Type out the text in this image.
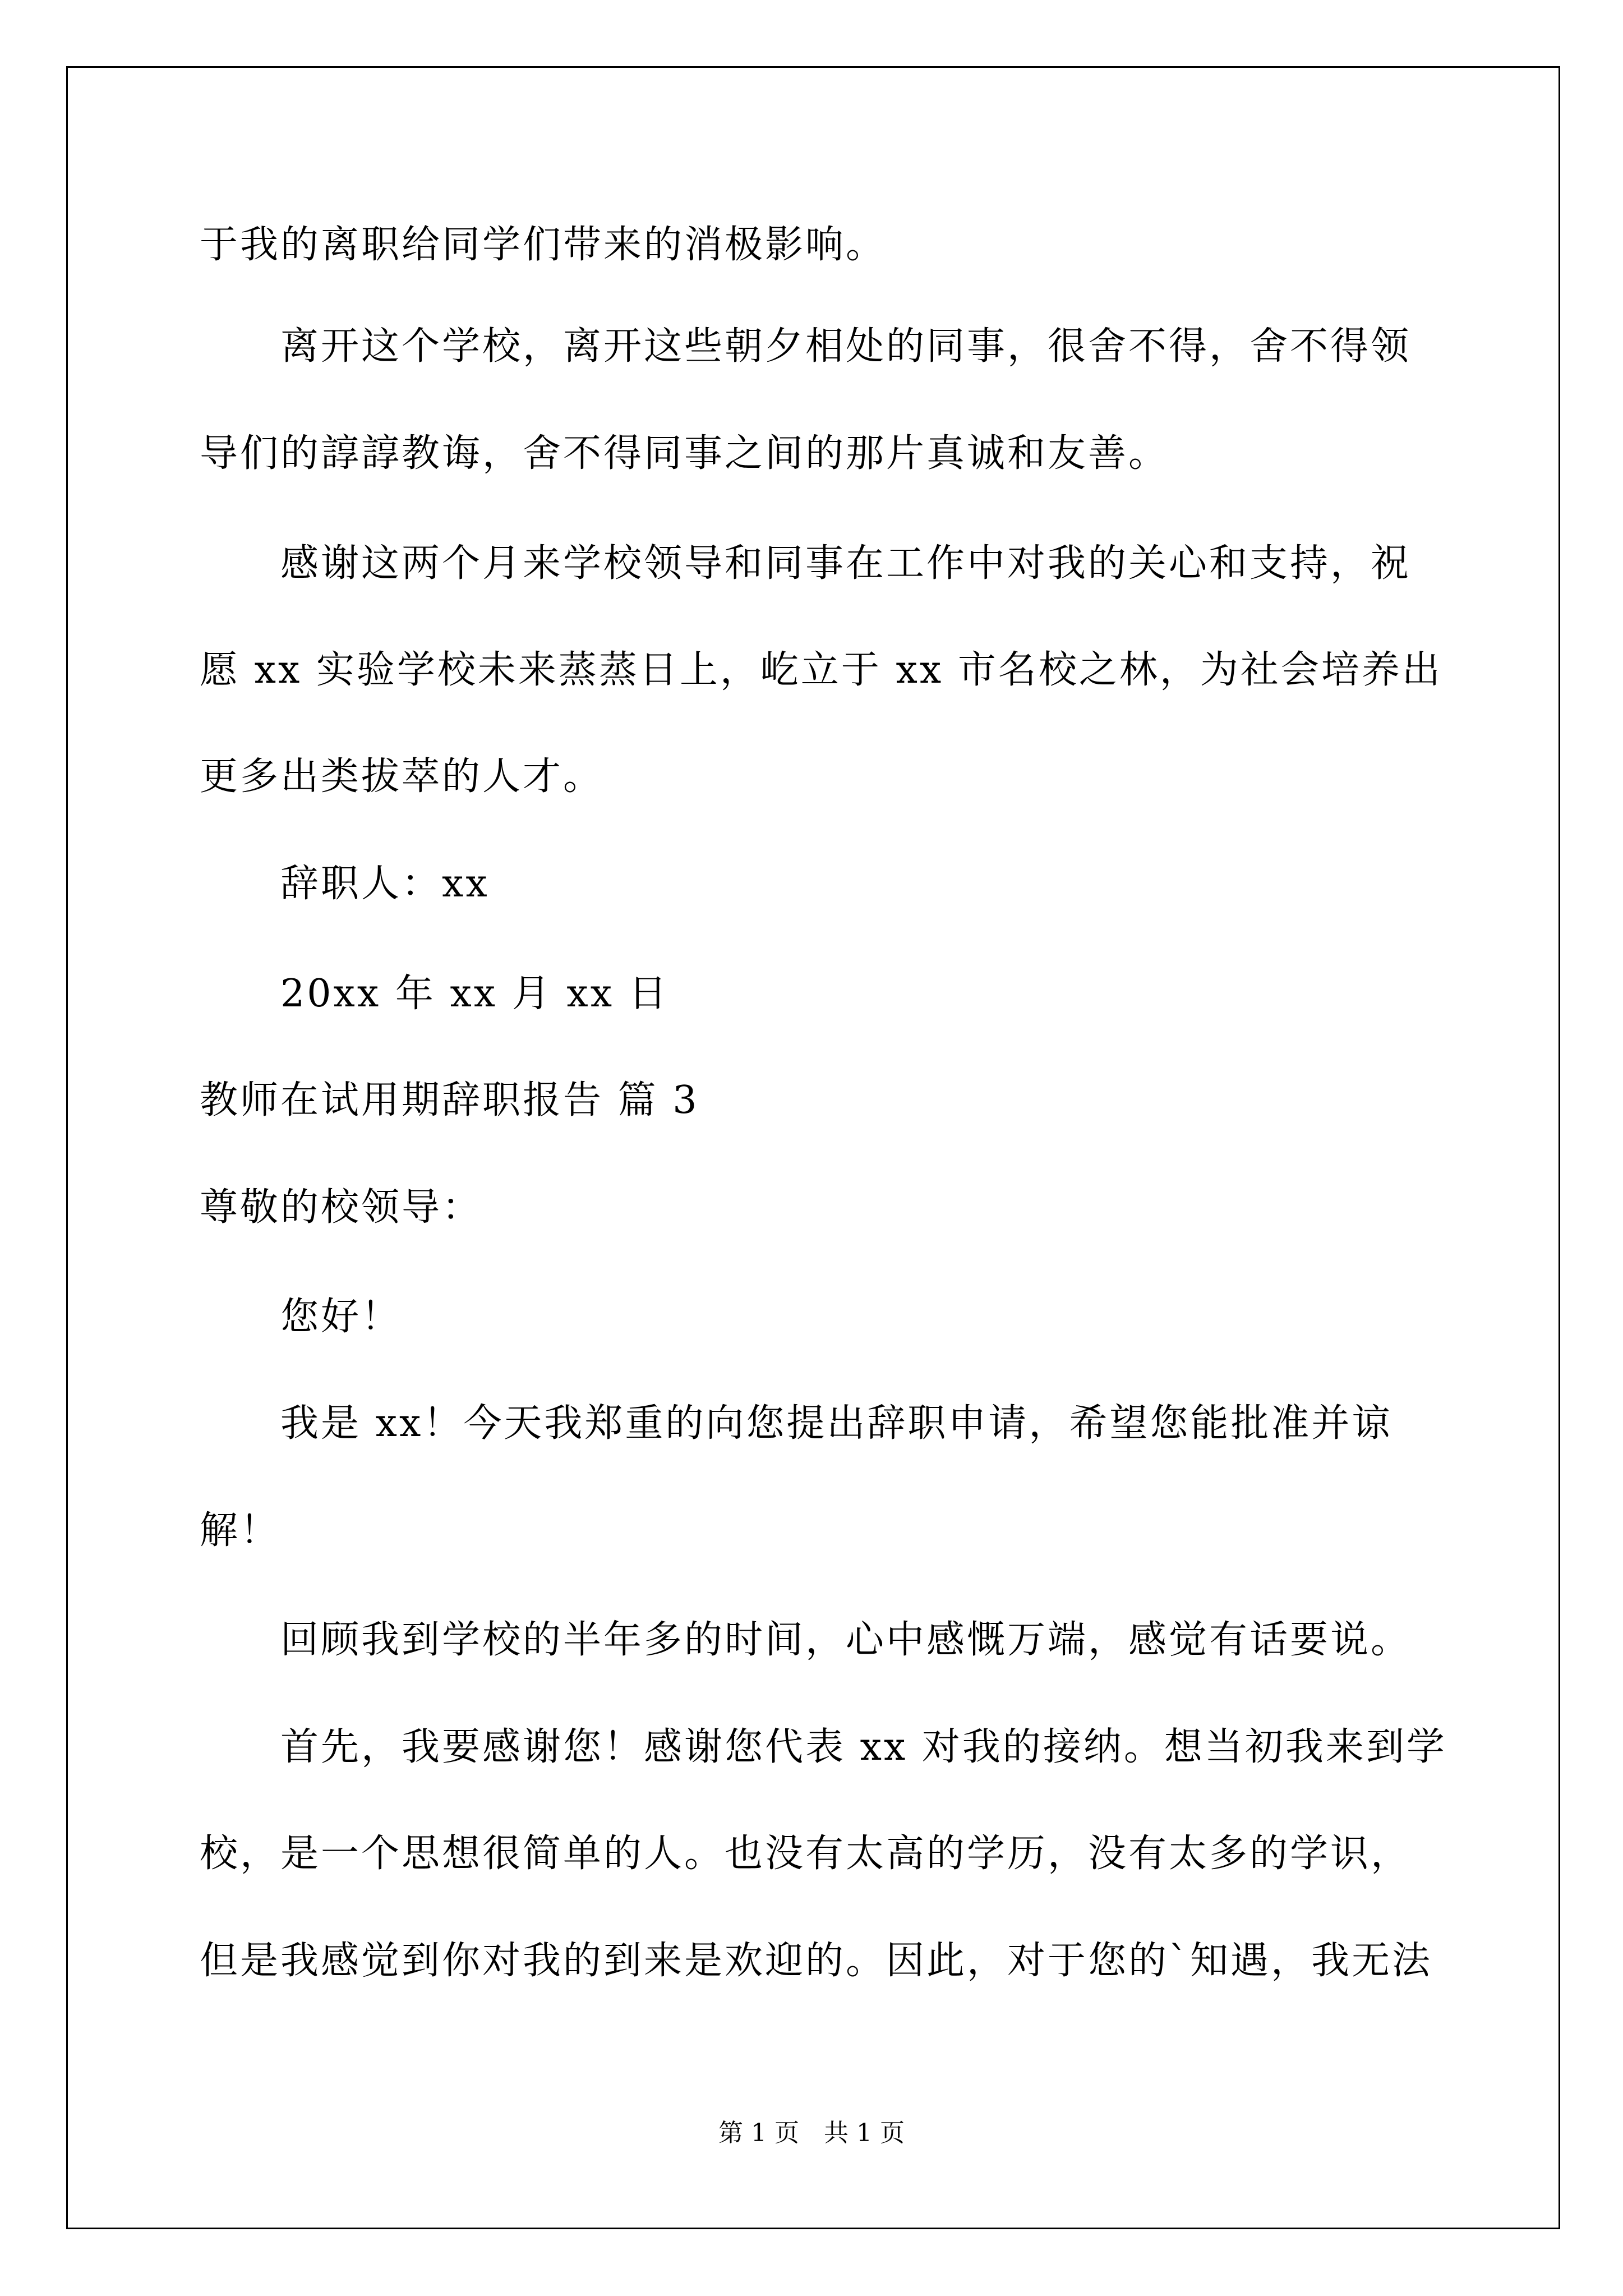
于我的离职给同学们带来的消极影响。

离开这个学校，离开这些朝夕相处的同事，很舍不得，舍不得领

导们的諄諄教诲，舍不得同事之间的那片真诚和友善。

感谢这两个月来学校领导和同事在工作中对我的关心和支持，祝

愿 xx 实验学校未来蒸蒸日上，屹立于 xx 市名校之林，为社会培养出

更多出类拔萃的人才。

辞职人：xx

20xx 年 xx 月 xx 日

教师在试用期辞职报告 篇 3

尊敬的校领导：

您好！

我是 xx！今天我郑重的向您提出辞职申请，希望您能批准并谅

解！

回顾我到学校的半年多的时间，心中感慨万端，感觉有话要说。

首先，我要感谢您！感谢您代表 xx 对我的接纳。想当初我来到学

校，是一个思想很简单的人。也没有太高的学历，没有太多的学识，

但是我感觉到你对我的到来是欢迎的。因此，对于您的`知遇，我无法

第 1 页　共 1 页
